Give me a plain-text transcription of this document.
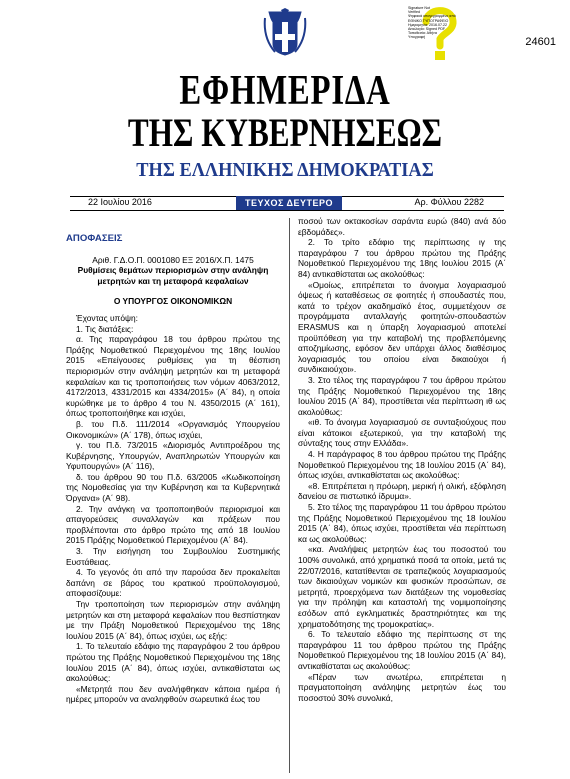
24601
Signature Not
Verified
Ψηφιακά υπογεγραμμένο από
ΕΘΝΙΚΟ ΤΥΠΟΓΡΑΦΕΙΟ
Ημερομηνία: 2016.07.22
Αιτιολογία: Signed PDF
Τοποθεσία: Αθήνα
Υπογραφή
ΕΦΗΜΕΡΙΔΑ
ΤΗΣ ΚΥΒΕΡΝΗΣΕΩΣ
ΤΗΣ ΕΛΛΗΝΙΚΗΣ ΔΗΜΟΚΡΑΤΙΑΣ
22 Ιουλίου 2016	ΤΕΥΧΟΣ ΔΕΥΤΕΡΟ	Αρ. Φύλλου 2282

ΑΠΟΦΑΣΕΙΣ

Αριθ. Γ.Δ.Ο.Π. 0001080 ΕΞ 2016/Χ.Π. 1475

Ρυθμίσεις θεμάτων περιορισμών στην ανάληψη μετρητών και τη μεταφορά κεφαλαίων

Ο ΥΠΟΥΡΓΟΣ ΟΙΚΟΝΟΜΙΚΩΝ

Έχοντας υπόψη:

1. Τις διατάξεις:

α. Της παραγράφου 18 του άρθρου πρώτου της Πράξης Νομοθετικού Περιεχομένου της 18ης Ιουλίου 2015 «Επείγουσες ρυθμίσεις για τη θέσπιση περιορισμών στην ανάληψη μετρητών και τη μεταφορά κεφαλαίων και τις τροποποιήσεις των νόμων 4063/2012, 4172/2013, 4331/2015 και 4334/2015» (Α΄ 84), η οποία κυρώθηκε με το άρθρο 4 του Ν. 4350/2015 (Α΄ 161), όπως τροποποιήθηκε και ισχύει,

β. του Π.δ. 111/2014 «Οργανισμός Υπουργείου Οικονομικών» (Α΄ 178), όπως ισχύει,

γ. του Π.δ. 73/2015 «Διορισμός Αντιπροέδρου της Κυβέρνησης, Υπουργών, Αναπληρωτών Υπουργών και Υφυπουργών» (Α΄ 116),

δ. του άρθρου 90 του Π.δ. 63/2005 «Κωδικοποίηση της Νομοθεσίας για την Κυβέρνηση και τα Κυβερνητικά Όργανα» (Α΄ 98).

2. Την ανάγκη να τροποποιηθούν περιορισμοί και απαγορεύσεις συναλλαγών και πράξεων που προβλέπονται στο άρθρο πρώτο της από 18 Ιουλίου 2015 Πράξης Νομοθετικού Περιεχομένου (Α΄ 84).

3. Την εισήγηση του Συμβουλίου Συστημικής Ευστάθειας.

4. Το γεγονός ότι από την παρούσα δεν προκαλείται δαπάνη σε βάρος του κρατικού προϋπολογισμού, αποφασίζουμε:

Την τροποποίηση των περιορισμών στην ανάληψη μετρητών και στη μεταφορά κεφαλαίων που θεσπίστηκαν με την Πράξη Νομοθετικού Περιεχομένου της 18ης Ιουλίου 2015 (Α΄ 84), όπως ισχύει, ως εξής:

1. Το τελευταίο εδάφιο της παραγράφου 2 του άρθρου πρώτου της Πράξης Νομοθετικού Περιεχομένου της 18ης Ιουλίου 2015 (Α΄ 84), όπως ισχύει, αντικαθίσταται ως ακολούθως:

«Μετρητά που δεν αναλήφθηκαν κάποια ημέρα ή ημέρες μπορούν να αναληφθούν σωρευτικά έως του

ποσού των οκτακοσίων σαράντα ευρώ (840) ανά δύο εβδομάδες».

2. Το τρίτο εδάφιο της περίπτωσης ιγ της παραγράφου 7 του άρθρου πρώτου της Πράξης Νομοθετικού Περιεχομένου της 18ης Ιουλίου 2015 (Α΄ 84) αντικαθίσταται ως ακολούθως:

«Ομοίως, επιτρέπεται το άνοιγμα λογαριασμού όψεως ή καταθέσεως σε φοιτητές ή σπουδαστές που, κατά το τρέχον ακαδημαϊκό έτος, συμμετέχουν σε προγράμματα ανταλλαγής φοιτητών-σπουδαστών ERASMUS και η ύπαρξη λογαριασμού αποτελεί προϋπόθεση για την καταβολή της προβλεπόμενης αποζημίωσης, εφόσον δεν υπάρχει άλλος διαθέσιμος λογαριασμός του οποίου είναι δικαιούχοι ή συνδικαιούχοι».

3. Στο τέλος της παραγράφου 7 του άρθρου πρώτου της Πράξης Νομοθετικού Περιεχομένου της 18ης Ιουλίου 2015 (Α΄ 84), προστίθεται νέα περίπτωση ιθ ως ακολούθως:

«ιθ. Το άνοιγμα λογαριασμού σε συνταξιούχους που είναι κάτοικοι εξωτερικού, για την καταβολή της σύνταξης τους στην Ελλάδα».

4. Η παράγραφος 8 του άρθρου πρώτου της Πράξης Νομοθετικού Περιεχομένου της 18 Ιουλίου 2015 (Α΄ 84), όπως ισχύει, αντικαθίσταται ως ακολούθως:

«8. Επιτρέπεται η πρόωρη, μερική ή ολική, εξόφληση δανείου σε πιστωτικό ίδρυμα».

5. Στο τέλος της παραγράφου 11 του άρθρου πρώτου της Πράξης Νομοθετικού Περιεχομένου της 18 Ιουλίου 2015 (Α΄ 84), όπως ισχύει, προστίθεται νέα περίπτωση κα ως ακολούθως:

«κα. Αναλήψεις μετρητών έως του ποσοστού του 100% συνολικά, από χρηματικά ποσά τα οποία, μετά τις 22/07/2016, κατατίθενται σε τραπεζικούς λογαριασμούς των δικαιούχων νομικών και φυσικών προσώπων, σε μετρητά, προερχόμενα των διατάξεων της νομοθεσίας για την πρόληψη και καταστολή της νομιμοποίησης εσόδων από εγκληματικές δραστηριότητες και της χρηματοδότησης της τρομοκρατίας».

6. Το τελευταίο εδάφιο της περίπτωσης στ της παραγράφου 11 του άρθρου πρώτου της Πράξης Νομοθετικού Περιεχομένου της 18 Ιουλίου 2015 (Α΄ 84), αντικαθίσταται ως ακολούθως:

«Πέραν των ανωτέρω, επιτρέπεται η πραγματοποίηση ανάληψης μετρητών έως του ποσοστού 30% συνολικά,
